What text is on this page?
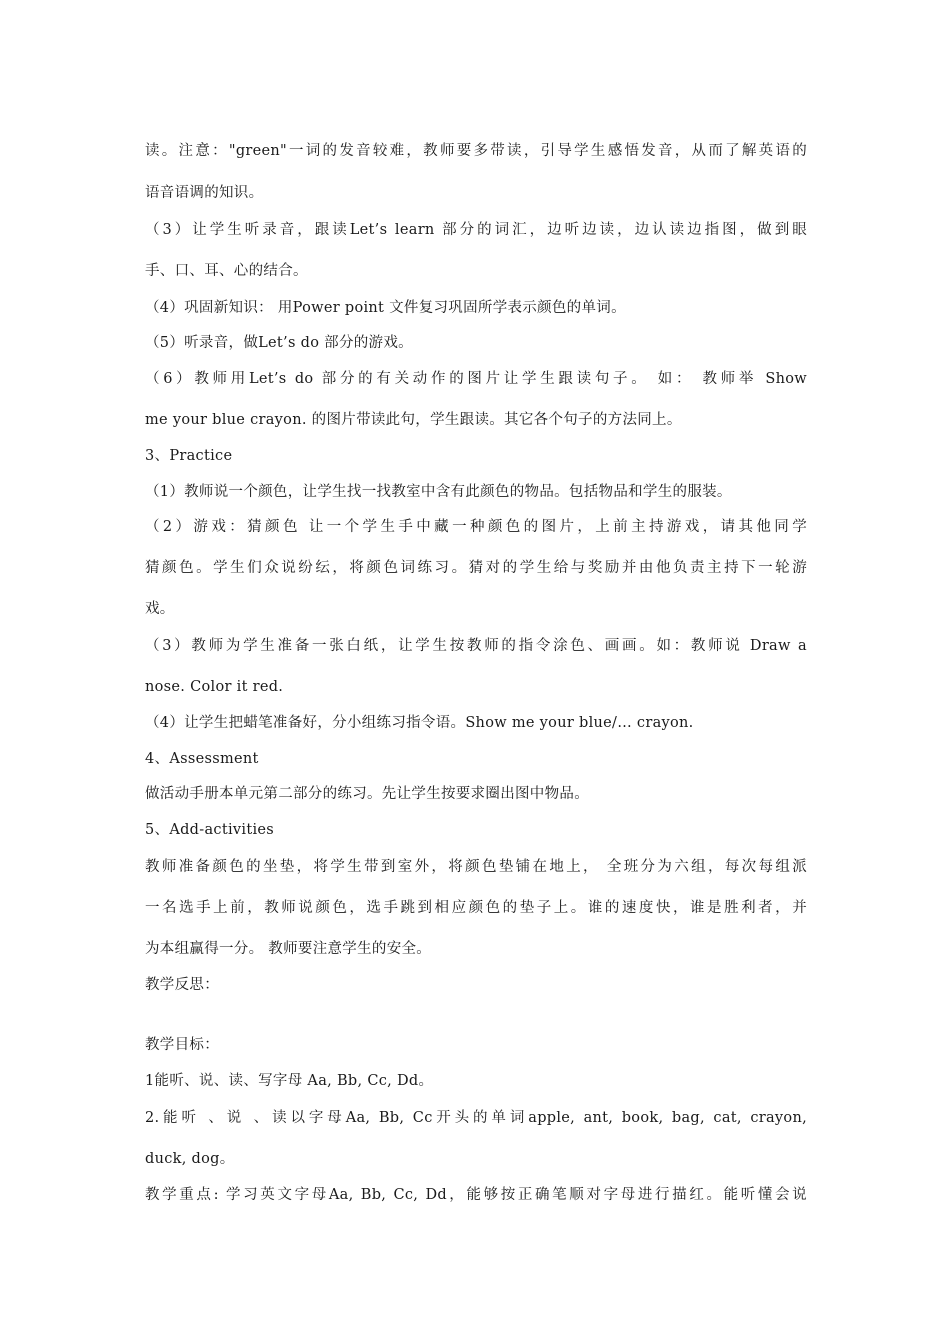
读。注意："green"一词的发音较难，教师要多带读，引导学生感悟发音，从而了解英语的

语音语调的知识。

（3）让学生听录音，跟读Let’s learn 部分的词汇，边听边读，边认读边指图，做到眼

手、口、耳、心的结合。

（4）巩固新知识： 用Power point 文件复习巩固所学表示颜色的单词。

（5）听录音，做Let’s do 部分的游戏。

（6）教师用Let’s do 部分的有关动作的图片让学生跟读句子。 如： 教师举 Show

me your blue crayon. 的图片带读此句，学生跟读。其它各个句子的方法同上。

3、Practice

（1）教师说一个颜色，让学生找一找教室中含有此颜色的物品。包括物品和学生的服装。

（2）游戏：猜颜色 让一个学生手中藏一种颜色的图片，上前主持游戏，请其他同学

猜颜色。学生们众说纷纭，将颜色词练习。猜对的学生给与奖励并由他负责主持下一轮游

戏。

（3）教师为学生准备一张白纸，让学生按教师的指令涂色、画画。如：教师说 Draw a

nose. Color it red.

（4）让学生把蜡笔准备好，分小组练习指令语。Show me your blue/… crayon.

4、Assessment

做活动手册本单元第二部分的练习。先让学生按要求圈出图中物品。

5、Add-activities

教师准备颜色的坐垫，将学生带到室外，将颜色垫铺在地上， 全班分为六组，每次每组派

一名选手上前，教师说颜色，选手跳到相应颜色的垫子上。谁的速度快，谁是胜利者，并

为本组赢得一分。 教师要注意学生的安全。

教学反思：

教学目标：

1能听、说、读、写字母 Aa, Bb, Cc, Dd。

2.能听 、说 、读以字母Aa, Bb, Cc开头的单词apple, ant, book, bag, cat, crayon,

duck, dog。

教学重点: 学习英文字母Aa, Bb, Cc, Dd，能够按正确笔顺对字母进行描红。能听懂会说
